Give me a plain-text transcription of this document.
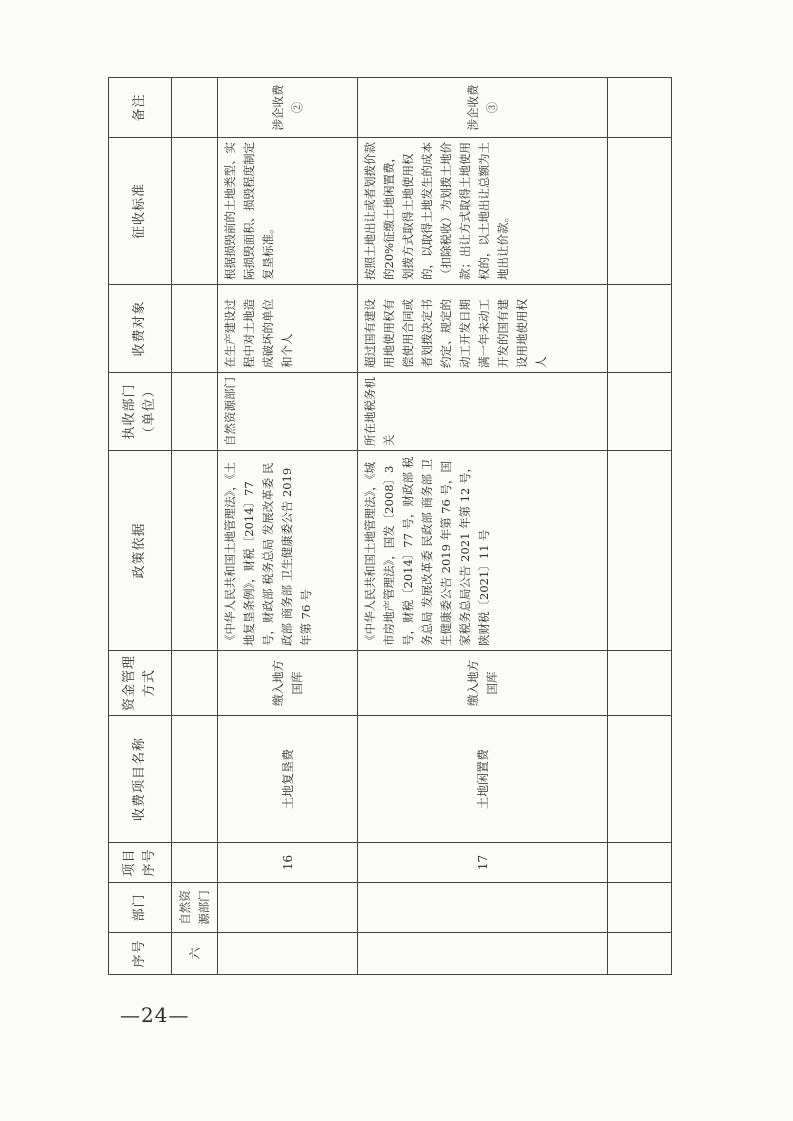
序号	部门	项目序号	收费项目名称	资金管理方式	政策依据	执收部门（单位）	收费对象	征收标准	备注
六	自然资源部门								
		16	土地复垦费	缴入地方国库	《中华人民共和国土地管理法》，《土地复垦条例》，财税〔2014〕77 号，财政部 税务总局 发展改革委 民政部 商务部 卫生健康委公告 2019 年第 76 号	自然资源部门	在生产建设过程中对土地造成破坏的单位和个人	根据损毁前的土地类型、实际损毁面积、损毁程度制定复垦标准。	涉企收费②
		17	土地闲置费	缴入地方国库	《中华人民共和国土地管理法》，《城市房地产管理法》，国发〔2008〕3 号，财税〔2014〕77 号，财政部 税务总局 发展改革委 民政部 商务部 卫生健康委公告 2019 年第 76 号，国家税务总局公告 2021 年第 12 号，陕财税〔2021〕11 号	所在地税务机关	超过国有建设用地使用权有偿使用合同或者划拨决定书约定、规定的动工开发日期满一年未动工开发的国有建设用地使用权人	按照土地出让或者划拨价款的20%征缴土地闲置费，划拨方式取得土地使用权的，以取得土地发生的成本（扣除税收）为划拨土地价款；出让方式取得土地使用权的，以土地出让总额为土地出让价款。	涉企收费③

—24—
